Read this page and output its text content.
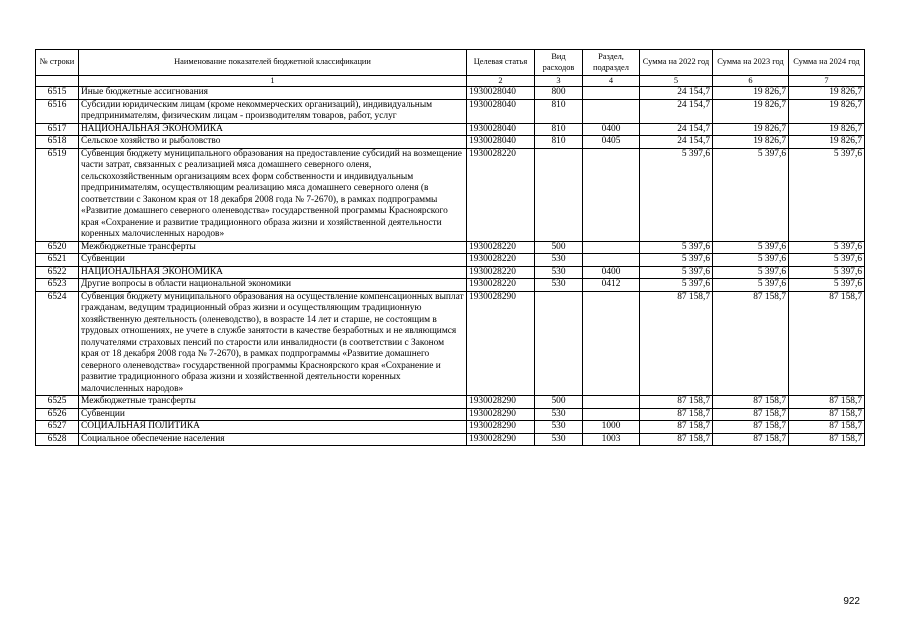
№ строки	Наименование показателей бюджетной классификации	Целевая статья	Вид расходов	Раздел, подраздел	Сумма на 2022 год	Сумма на 2023 год	Сумма на 2024 год
	1	2	3	4	5	6	7
6515	Иные бюджетные ассигнования	1930028040	800		24 154,7	19 826,7	19 826,7
6516	Субсидии юридическим лицам (кроме некоммерческих организаций), индивидуальным предпринимателям, физическим лицам - производителям товаров, работ, услуг	1930028040	810		24 154,7	19 826,7	19 826,7
6517	НАЦИОНАЛЬНАЯ ЭКОНОМИКА	1930028040	810	0400	24 154,7	19 826,7	19 826,7
6518	Сельское хозяйство и рыболовство	1930028040	810	0405	24 154,7	19 826,7	19 826,7
6519	Субвенция бюджету муниципального образования на предоставление субсидий на возмещение части затрат, связанных с реализацией мяса домашнего северного оленя, сельскохозяйственным организациям всех форм собственности и индивидуальным предпринимателям, осуществляющим реализацию мяса домашнего северного оленя (в соответствии с Законом края от 18 декабря 2008 года № 7-2670), в рамках подпрограммы «Развитие домашнего северного оленеводства» государственной программы Красноярского края «Сохранение и развитие традиционного образа жизни и хозяйственной деятельности коренных малочисленных народов»	1930028220			5 397,6	5 397,6	5 397,6
6520	Межбюджетные трансферты	1930028220	500		5 397,6	5 397,6	5 397,6
6521	Субвенции	1930028220	530		5 397,6	5 397,6	5 397,6
6522	НАЦИОНАЛЬНАЯ ЭКОНОМИКА	1930028220	530	0400	5 397,6	5 397,6	5 397,6
6523	Другие вопросы в области национальной экономики	1930028220	530	0412	5 397,6	5 397,6	5 397,6
6524	Субвенция бюджету муниципального образования на осуществление компенсационных выплат гражданам, ведущим традиционный образ жизни и осуществляющим традиционную хозяйственную деятельность (оленеводство), в возрасте 14 лет и старше, не состоящим в трудовых отношениях, не учете в службе занятости в качестве безработных и не являющимся получателями страховых пенсий по старости или инвалидности (в соответствии с Законом края от 18 декабря 2008 года № 7-2670), в рамках подпрограммы «Развитие домашнего северного оленеводства» государственной программы Красноярского края «Сохранение и развитие традиционного образа жизни и хозяйственной деятельности коренных малочисленных народов»	1930028290			87 158,7	87 158,7	87 158,7
6525	Межбюджетные трансферты	1930028290	500		87 158,7	87 158,7	87 158,7
6526	Субвенции	1930028290	530		87 158,7	87 158,7	87 158,7
6527	СОЦИАЛЬНАЯ ПОЛИТИКА	1930028290	530	1000	87 158,7	87 158,7	87 158,7
6528	Социальное обеспечение населения	1930028290	530	1003	87 158,7	87 158,7	87 158,7
922
